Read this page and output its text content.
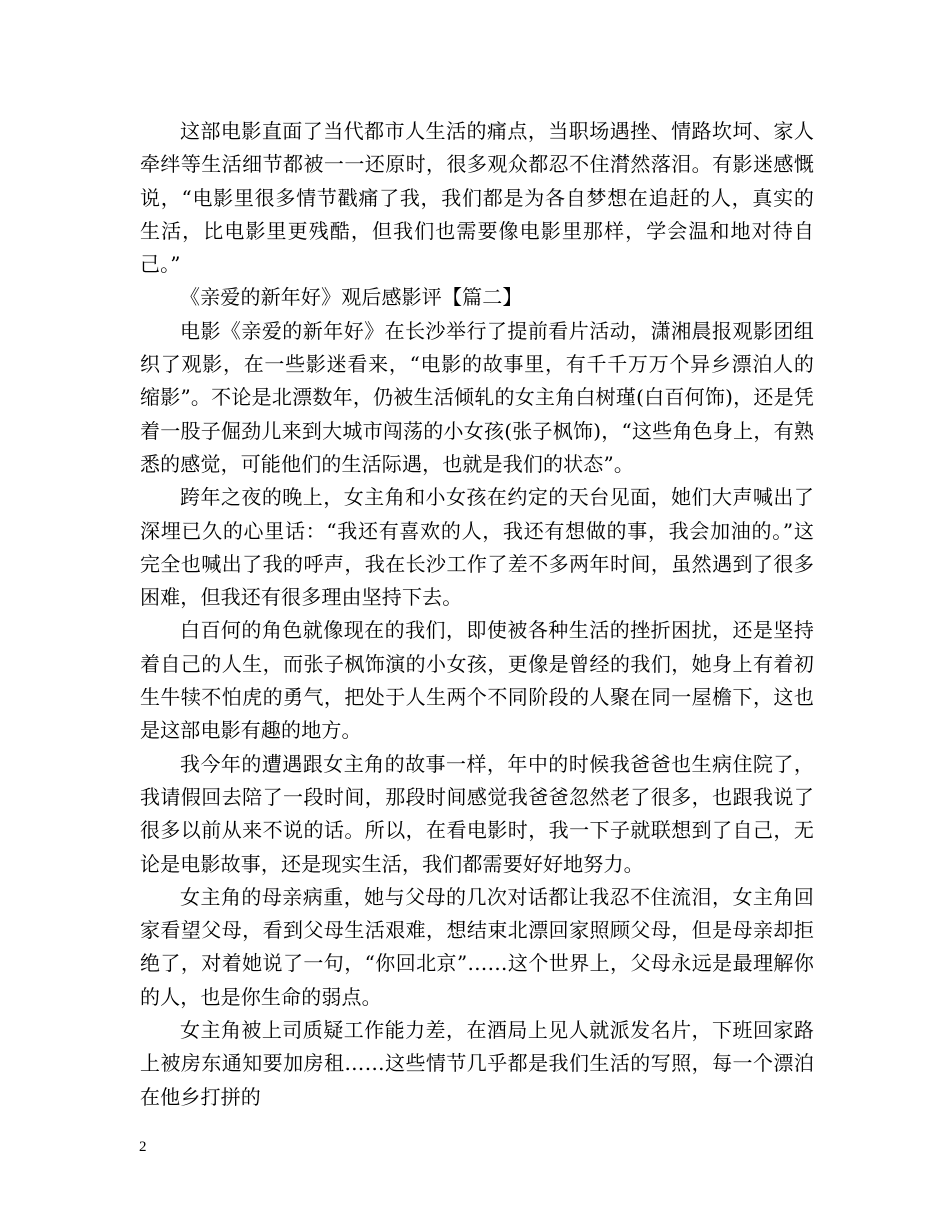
这部电影直面了当代都市人生活的痛点，当职场遇挫、情路坎坷、家人牵绊等生活细节都被一一还原时，很多观众都忍不住潸然落泪。有影迷感慨说，“电影里很多情节戳痛了我，我们都是为各自梦想在追赶的人，真实的生活，比电影里更残酷，但我们也需要像电影里那样，学会温和地对待自己。”

《亲爱的新年好》观后感影评【篇二】

电影《亲爱的新年好》在长沙举行了提前看片活动，潇湘晨报观影团组织了观影，在一些影迷看来，“电影的故事里，有千千万万个异乡漂泊人的缩影”。不论是北漂数年，仍被生活倾轧的女主角白树瑾(白百何饰)，还是凭着一股子倔劲儿来到大城市闯荡的小女孩(张子枫饰)，“这些角色身上，有熟悉的感觉，可能他们的生活际遇，也就是我们的状态”。

跨年之夜的晚上，女主角和小女孩在约定的天台见面，她们大声喊出了深埋已久的心里话：“我还有喜欢的人，我还有想做的事，我会加油的。”这完全也喊出了我的呼声，我在长沙工作了差不多两年时间，虽然遇到了很多困难，但我还有很多理由坚持下去。

白百何的角色就像现在的我们，即使被各种生活的挫折困扰，还是坚持着自己的人生，而张子枫饰演的小女孩，更像是曾经的我们，她身上有着初生牛犊不怕虎的勇气，把处于人生两个不同阶段的人聚在同一屋檐下，这也是这部电影有趣的地方。

我今年的遭遇跟女主角的故事一样，年中的时候我爸爸也生病住院了，我请假回去陪了一段时间，那段时间感觉我爸爸忽然老了很多，也跟我说了很多以前从来不说的话。所以，在看电影时，我一下子就联想到了自己，无论是电影故事，还是现实生活，我们都需要好好地努力。

女主角的母亲病重，她与父母的几次对话都让我忍不住流泪，女主角回家看望父母，看到父母生活艰难，想结束北漂回家照顾父母，但是母亲却拒绝了，对着她说了一句，“你回北京”……这个世界上，父母永远是最理解你的人，也是你生命的弱点。

女主角被上司质疑工作能力差，在酒局上见人就派发名片，下班回家路上被房东通知要加房租……这些情节几乎都是我们生活的写照，每一个漂泊在他乡打拼的

2
